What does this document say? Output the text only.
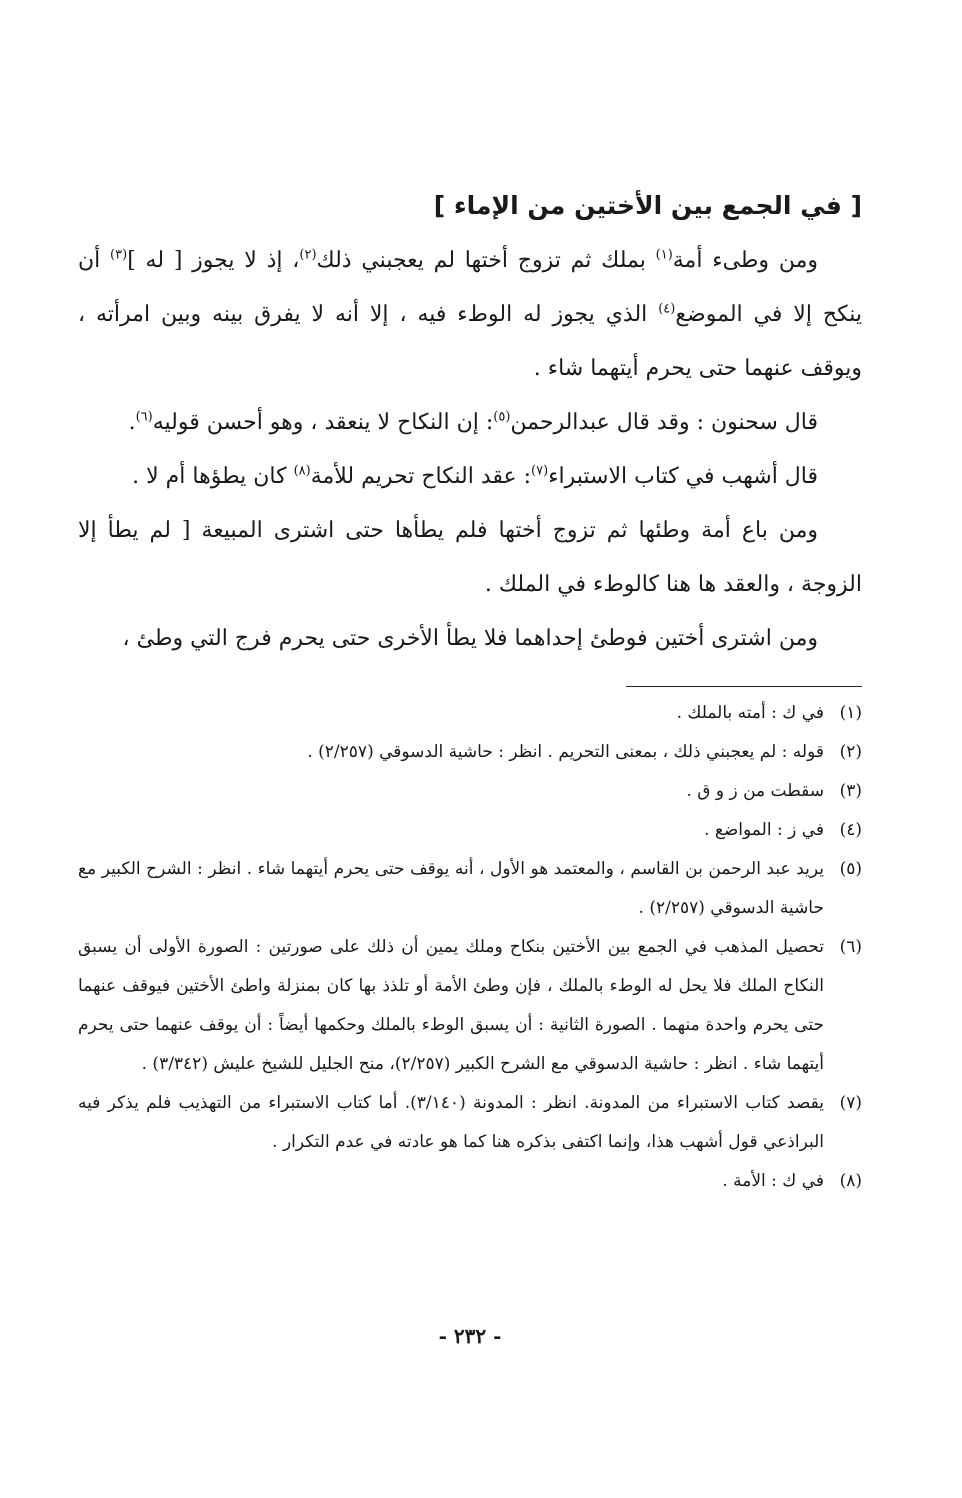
[ في الجمع بين الأختين من الإماء ]

ومن وطىء أمة$^{(١)}$ بملك ثم تزوج أختها لم يعجبني ذلك$^{(٢)}$، إذ لا يجوز [ له ]$^{(٣)}$ أن ينكح إلا في الموضع$^{(٤)}$ الذي يجوز له الوطء فيه ، إلا أنه لا يفرق بينه وبين امرأته ، ويوقف عنهما حتى يحرم أيتهما شاء .

قال سحنون : وقد قال عبدالرحمن$^{(٥)}$: إن النكاح لا ينعقد ، وهو أحسن قوليه$^{(٦)}$.

قال أشهب في كتاب الاستبراء$^{(٧)}$: عقد النكاح تحريم للأمة$^{(٨)}$ كان يطؤها أم لا .

ومن باع أمة وطئها ثم تزوج أختها فلم يطأها حتى اشترى المبيعة [ لم يطأ إلا الزوجة ، والعقد ها هنا كالوطء في الملك .

ومن اشترى أختين فوطئ إحداهما فلا يطأ الأخرى حتى يحرم فرج التي وطئ ،

(١)
في ك : أمته بالملك .
(٢)
قوله : لم يعجبني ذلك ، بمعنى التحريم . انظر : حاشية الدسوقي (٢/٢٥٧) .
(٣)
سقطت من ز و ق .
(٤)
في ز : المواضع .
(٥)
يريد عبد الرحمن بن القاسم ، والمعتمد هو الأول ، أنه يوقف حتى يحرم أيتهما شاء . انظر : الشرح الكبير مع حاشية الدسوقي (٢/٢٥٧) .
(٦)
تحصيل المذهب في الجمع بين الأختين بنكاح وملك يمين أن ذلك على صورتين : الصورة الأولى أن يسبق النكاح الملك فلا يحل له الوطء بالملك ، فإن وطئ الأمة أو تلذذ بها كان بمنزلة واطئ الأختين فيوقف عنهما حتى يحرم واحدة منهما . الصورة الثانية : أن يسبق الوطء بالملك وحكمها أيضاً : أن يوقف عنهما حتى يحرم أيتهما شاء . انظر : حاشية الدسوقي مع الشرح الكبير (٢/٢٥٧)، منح الجليل للشيخ عليش (٣/٣٤٢) .
(٧)
يقصد كتاب الاستبراء من المدونة. انظر : المدونة (٣/١٤٠). أما كتاب الاستبراء من التهذيب فلم يذكر فيه البراذعي قول أشهب هذا، وإنما اكتفى بذكره هنا كما هو عادته في عدم التكرار .
(٨)
في ك : الأمة .
- ٢٣٢ -
